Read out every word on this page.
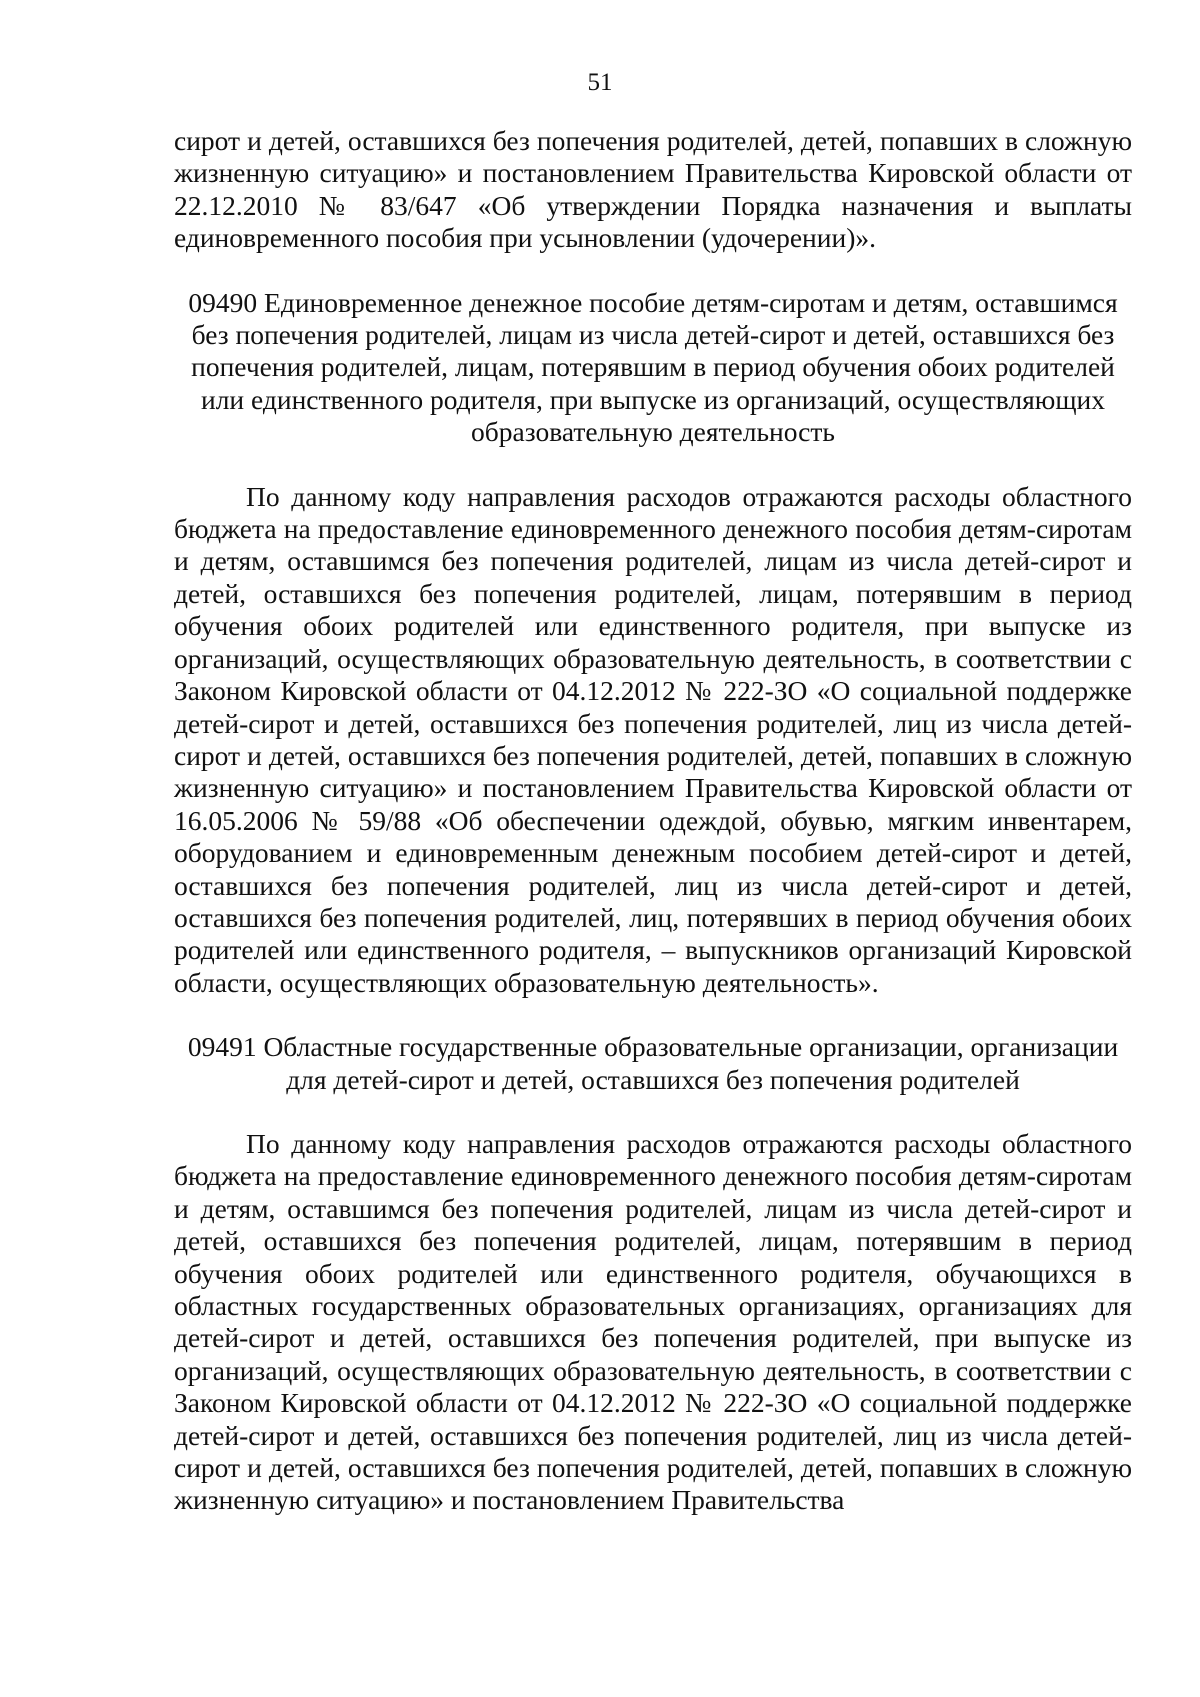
51

сирот и детей, оставшихся без попечения родителей, детей, попавших в сложную жизненную ситуацию» и постановлением Правительства Кировской области от 22.12.2010 № 83/647 «Об утверждении Порядка назначения и выплаты единовременного пособия при усыновлении (удочерении)».

09490 Единовременное денежное пособие детям-сиротам и детям, оставшимся без попечения родителей, лицам из числа детей-сирот и детей, оставшихся без попечения родителей, лицам, потерявшим в период обучения обоих родителей или единственного родителя, при выпуске из организаций, осуществляющих образовательную деятельность

По данному коду направления расходов отражаются расходы областного бюджета на предоставление единовременного денежного пособия детям-сиротам и детям, оставшимся без попечения родителей, лицам из числа детей-сирот и детей, оставшихся без попечения родителей, лицам, потерявшим в период обучения обоих родителей или единственного родителя, при выпуске из организаций, осуществляющих образовательную деятельность, в соответствии с Законом Кировской области от 04.12.2012 № 222-ЗО «О социальной поддержке детей-сирот и детей, оставшихся без попечения родителей, лиц из числа детей-сирот и детей, оставшихся без попечения родителей, детей, попавших в сложную жизненную ситуацию» и постановлением Правительства Кировской области от 16.05.2006 № 59/88 «Об обеспечении одеждой, обувью, мягким инвентарем, оборудованием и единовременным денежным пособием детей-сирот и детей, оставшихся без попечения родителей, лиц из числа детей-сирот и детей, оставшихся без попечения родителей, лиц, потерявших в период обучения обоих родителей или единственного родителя, – выпускников организаций Кировской области, осуществляющих образовательную деятельность».

09491 Областные государственные образовательные организации, организации для детей-сирот и детей, оставшихся без попечения родителей

По данному коду направления расходов отражаются расходы областного бюджета на предоставление единовременного денежного пособия детям-сиротам и детям, оставшимся без попечения родителей, лицам из числа детей-сирот и детей, оставшихся без попечения родителей, лицам, потерявшим в период обучения обоих родителей или единственного родителя, обучающихся в областных государственных образовательных организациях, организациях для детей-сирот и детей, оставшихся без попечения родителей, при выпуске из организаций, осуществляющих образовательную деятельность, в соответствии с Законом Кировской области от 04.12.2012 № 222-ЗО «О социальной поддержке детей-сирот и детей, оставшихся без попечения родителей, лиц из числа детей-сирот и детей, оставшихся без попечения родителей, детей, попавших в сложную жизненную ситуацию» и постановлением Правительства
